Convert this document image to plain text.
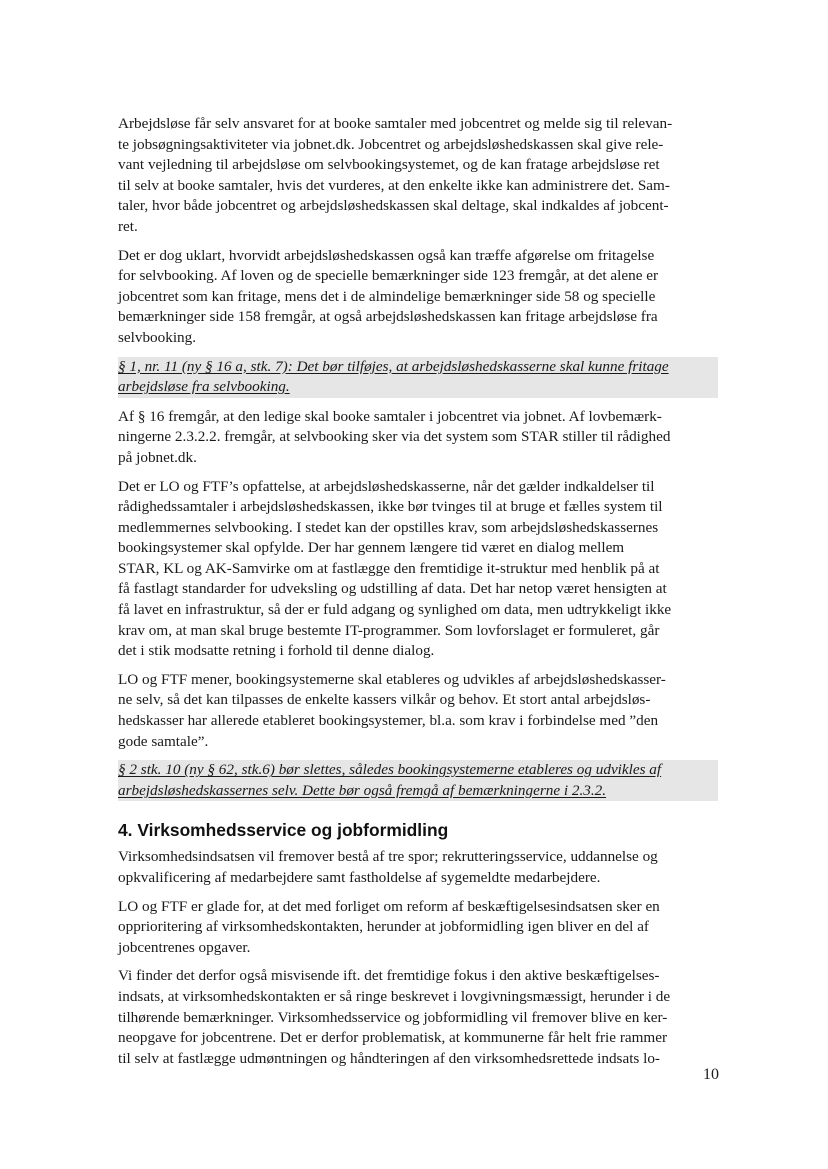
Arbejdsløse får selv ansvaret for at booke samtaler med jobcentret og melde sig til relevan-
te jobsøgningsaktiviteter via jobnet.dk. Jobcentret og arbejdsløshedskassen skal give rele-
vant vejledning til arbejdsløse om selvbookingsystemet, og de kan fratage arbejdsløse ret
til selv at booke samtaler, hvis det vurderes, at den enkelte ikke kan administrere det. Sam-
taler, hvor både jobcentret og arbejdsløshedskassen skal deltage, skal indkaldes af jobcent-
ret.
Det er dog uklart, hvorvidt arbejdsløshedskassen også kan træffe afgørelse om fritagelse
for selvbooking. Af loven og de specielle bemærkninger side 123 fremgår, at det alene er
jobcentret som kan fritage, mens det i de almindelige bemærkninger side 58 og specielle
bemærkninger side 158 fremgår, at også arbejdsløshedskassen kan fritage arbejdsløse fra
selvbooking.
§ 1, nr. 11 (ny § 16 a, stk. 7): Det bør tilføjes, at arbejdsløshedskasserne skal kunne fritage
arbejdsløse fra selvbooking.
Af § 16 fremgår, at den ledige skal booke samtaler i jobcentret via jobnet. Af lovbemærk-
ningerne 2.3.2.2. fremgår, at selvbooking sker via det system som STAR stiller til rådighed
på jobnet.dk.
Det er LO og FTF’s opfattelse, at arbejdsløshedskasserne, når det gælder indkaldelser til
rådighedssamtaler i arbejdsløshedskassen, ikke bør tvinges til at bruge et fælles system til
medlemmernes selvbooking. I stedet kan der opstilles krav, som arbejdsløshedskassernes
bookingsystemer skal opfylde. Der har gennem længere tid været en dialog mellem
STAR, KL og AK-Samvirke om at fastlægge den fremtidige it-struktur med henblik på at
få fastlagt standarder for udveksling og udstilling af data. Det har netop været hensigten at
få lavet en infrastruktur, så der er fuld adgang og synlighed om data, men udtrykkeligt ikke
krav om, at man skal bruge bestemte IT-programmer. Som lovforslaget er formuleret, går
det i stik modsatte retning i forhold til denne dialog.
LO og FTF mener, bookingsystemerne skal etableres og udvikles af arbejdsløshedskasser-
ne selv, så det kan tilpasses de enkelte kassers vilkår og behov. Et stort antal arbejdsløs-
hedskasser har allerede etableret bookingsystemer, bl.a. som krav i forbindelse med ”den
gode samtale”.
§ 2 stk. 10 (ny § 62, stk.6) bør slettes, således bookingsystemerne etableres og udvikles af
arbejdsløshedskassernes selv. Dette bør også fremgå af bemærkningerne i 2.3.2.
4. Virksomhedsservice og jobformidling
Virksomhedsindsatsen vil fremover bestå af tre spor; rekrutteringsservice, uddannelse og
opkvalificering af medarbejdere samt fastholdelse af sygemeldte medarbejdere.
LO og FTF er glade for, at det med forliget om reform af beskæftigelsesindsatsen sker en
opprioritering af virksomhedskontakten, herunder at jobformidling igen bliver en del af
jobcentrenes opgaver.
Vi finder det derfor også misvisende ift. det fremtidige fokus i den aktive beskæftigelses-
indsats, at virksomhedskontakten er så ringe beskrevet i lovgivningsmæssigt, herunder i de
tilhørende bemærkninger. Virksomhedsservice og jobformidling vil fremover blive en ker-
neopgave for jobcentrene. Det er derfor problematisk, at kommunerne får helt frie rammer
til selv at fastlægge udmøntningen og håndteringen af den virksomhedsrettede indsats lo-
10
